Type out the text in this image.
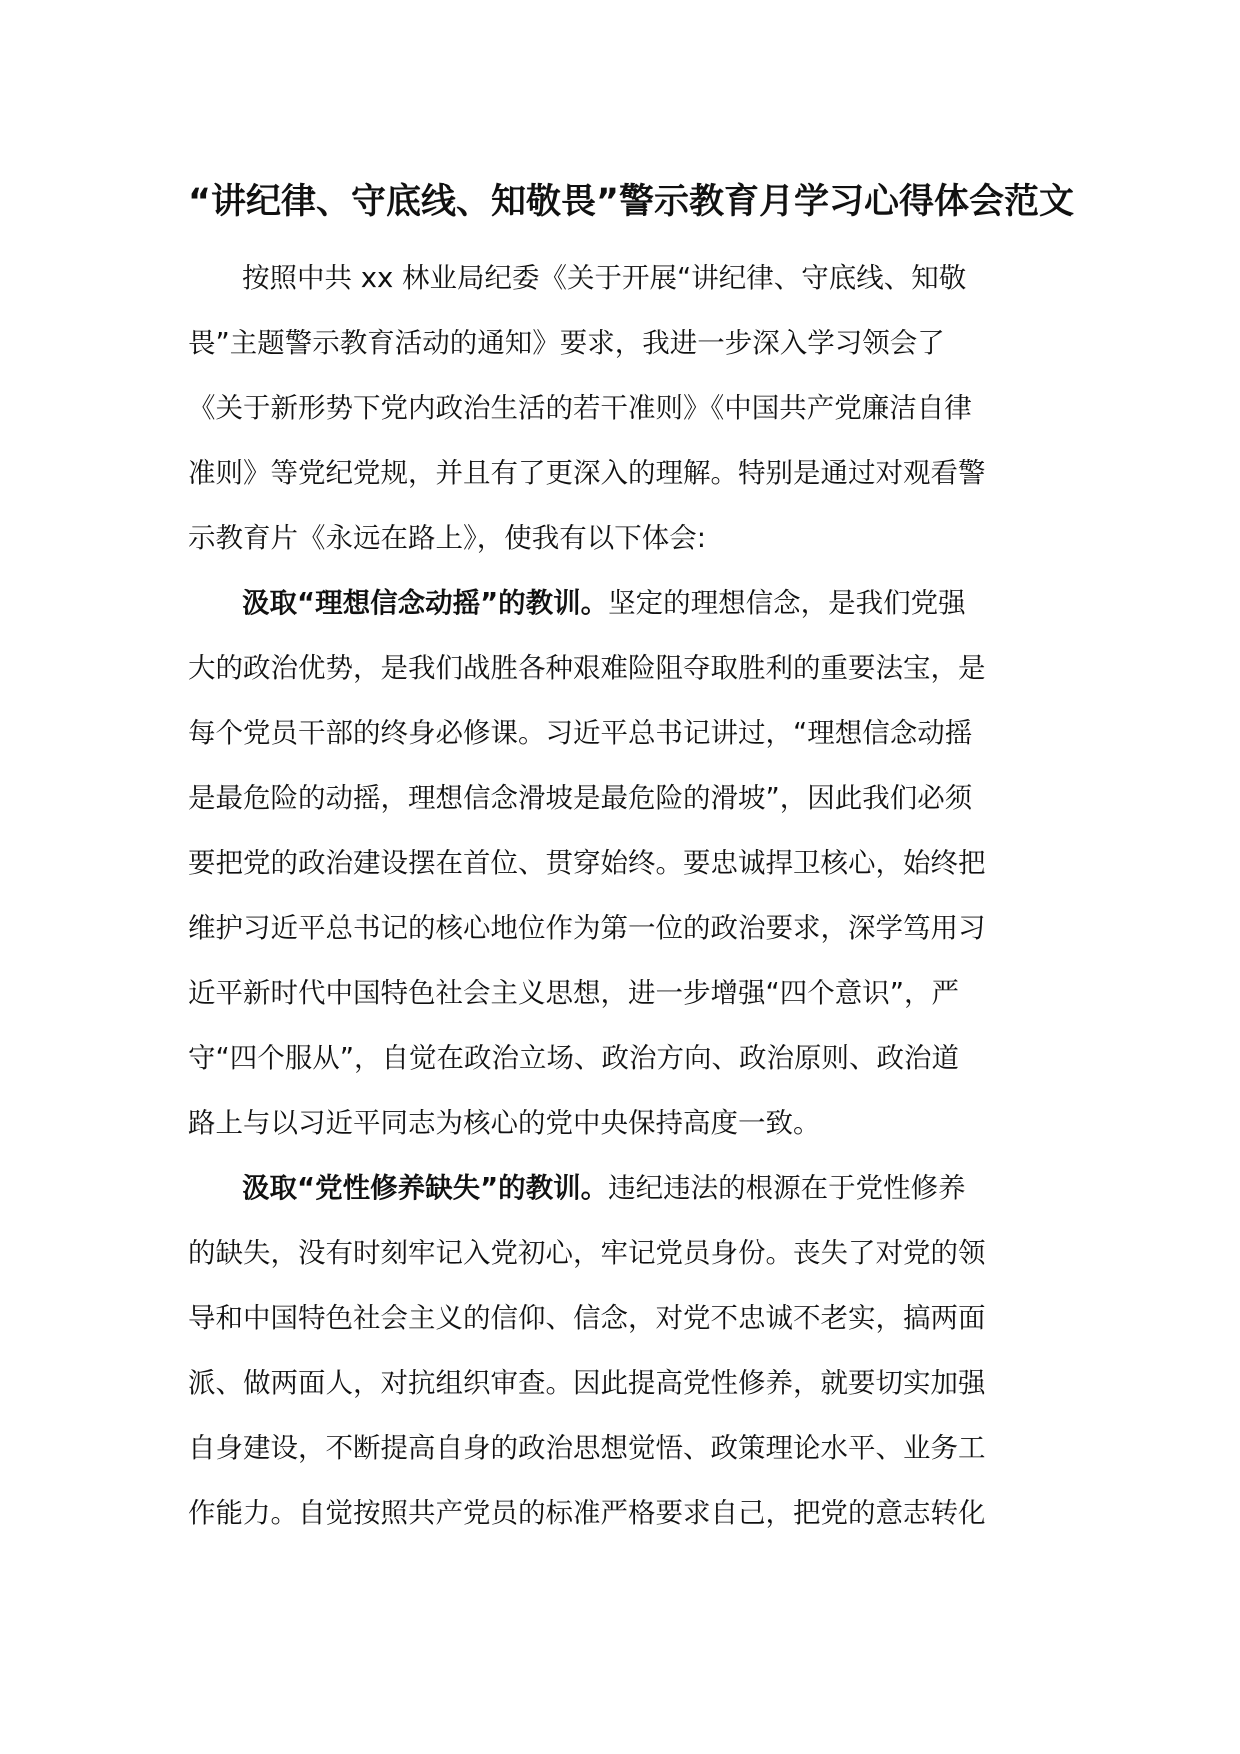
“讲纪律、守底线、知敬畏”警示教育月学习心得体会范文

按照中共 xx 林业局纪委《关于开展“讲纪律、守底线、知敬
畏”主题警示教育活动的通知》要求，我进一步深入学习领会了
《关于新形势下党内政治生活的若干准则》《中国共产党廉洁自律
准则》等党纪党规，并且有了更深入的理解。特别是通过对观看警
示教育片《永远在路上》，使我有以下体会:

汲取“理想信念动摇”的教训。坚定的理想信念，是我们党强
大的政治优势，是我们战胜各种艰难险阻夺取胜利的重要法宝，是
每个党员干部的终身必修课。习近平总书记讲过，“理想信念动摇
是最危险的动摇，理想信念滑坡是最危险的滑坡”，因此我们必须
要把党的政治建设摆在首位、贯穿始终。要忠诚捍卫核心，始终把
维护习近平总书记的核心地位作为第一位的政治要求，深学笃用习
近平新时代中国特色社会主义思想，进一步增强“四个意识”，严
守“四个服从”，自觉在政治立场、政治方向、政治原则、政治道
路上与以习近平同志为核心的党中央保持高度一致。

汲取“党性修养缺失”的教训。违纪违法的根源在于党性修养
的缺失，没有时刻牢记入党初心，牢记党员身份。丧失了对党的领
导和中国特色社会主义的信仰、信念，对党不忠诚不老实，搞两面
派、做两面人，对抗组织审查。因此提高党性修养，就要切实加强
自身建设，不断提高自身的政治思想觉悟、政策理论水平、业务工
作能力。自觉按照共产党员的标准严格要求自己，把党的意志转化
